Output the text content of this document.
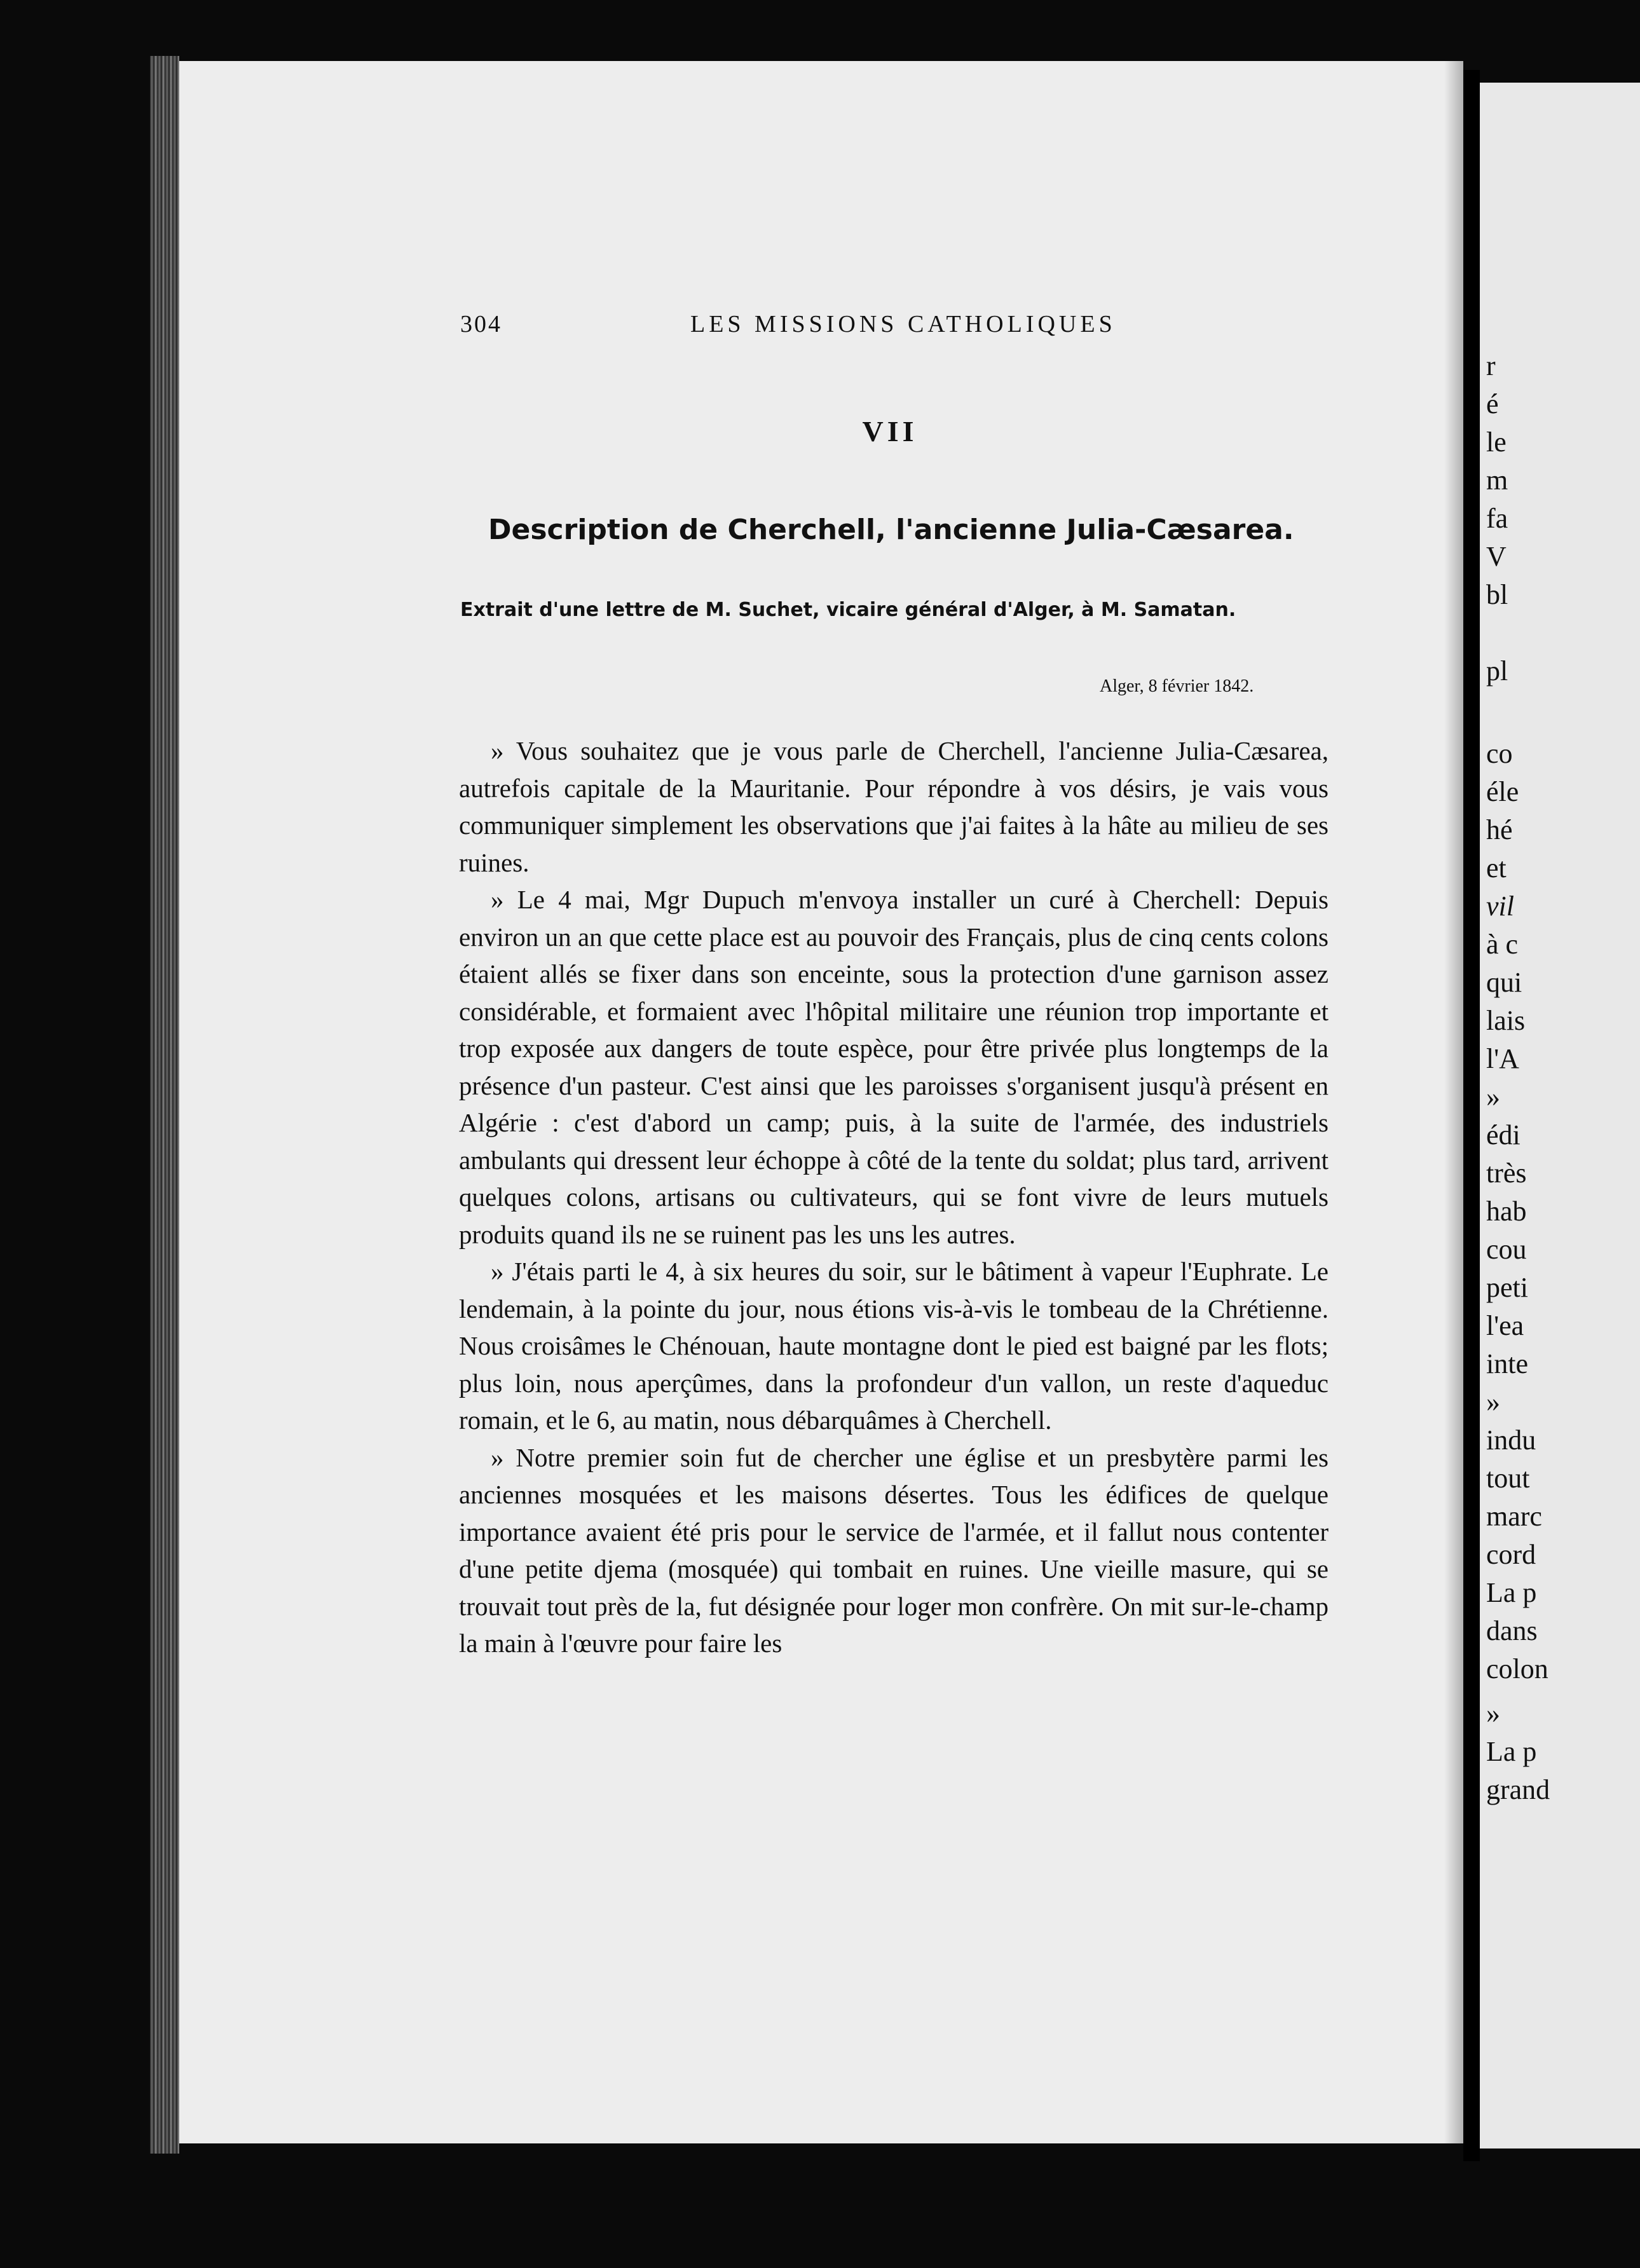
304	LES MISSIONS CATHOLIQUES
VII
Description de Cherchell, l'ancienne Julia-Cæsarea.
Extrait d'une lettre de M. Suchet, vicaire général d'Alger, à M. Samatan.
Alger, 8 février 1842.

» Vous souhaitez que je vous parle de Cherchell, l'ancienne Julia-Cæsarea, autrefois capitale de la Mauritanie. Pour répondre à vos désirs, je vais vous communiquer simplement les observations que j'ai faites à la hâte au milieu de ses ruines.

» Le 4 mai, Mgr Dupuch m'envoya installer un curé à Cherchell: Depuis environ un an que cette place est au pouvoir des Français, plus de cinq cents colons étaient allés se fixer dans son enceinte, sous la protection d'une garnison assez considérable, et formaient avec l'hôpital militaire une réunion trop importante et trop exposée aux dangers de toute espèce, pour être privée plus longtemps de la présence d'un pasteur. C'est ainsi que les paroisses s'organisent jusqu'à présent en Algérie : c'est d'abord un camp; puis, à la suite de l'armée, des industriels ambulants qui dressent leur échoppe à côté de la tente du soldat; plus tard, arrivent quelques colons, artisans ou cultivateurs, qui se font vivre de leurs mutuels produits quand ils ne se ruinent pas les uns les autres.

» J'étais parti le 4, à six heures du soir, sur le bâtiment à vapeur l'Euphrate. Le lendemain, à la pointe du jour, nous étions vis-à-vis le tombeau de la Chrétienne. Nous croisâmes le Chénouan, haute montagne dont le pied est baigné par les flots; plus loin, nous aperçûmes, dans la profondeur d'un vallon, un reste d'aqueduc romain, et le 6, au matin, nous débarquâmes à Cherchell.

» Notre premier soin fut de chercher une église et un presbytère parmi les anciennes mosquées et les maisons désertes. Tous les édifices de quelque importance avaient été pris pour le service de l'armée, et il fallut nous contenter d'une petite djema (mosquée) qui tombait en ruines. Une vieille masure, qui se trouvait tout près de la, fut désignée pour loger mon confrère. On mit sur-le-champ la main à l'œuvre pour faire les

r
é
le
m
fa
V
bl
pl
co
éle
hé
et
vil
à c
qui
lais
l'A
»
édi
très
hab
cou
peti
l'ea
inte
»
indu
tout
marc
cord
La p
dans
colon
»
La p
grand
